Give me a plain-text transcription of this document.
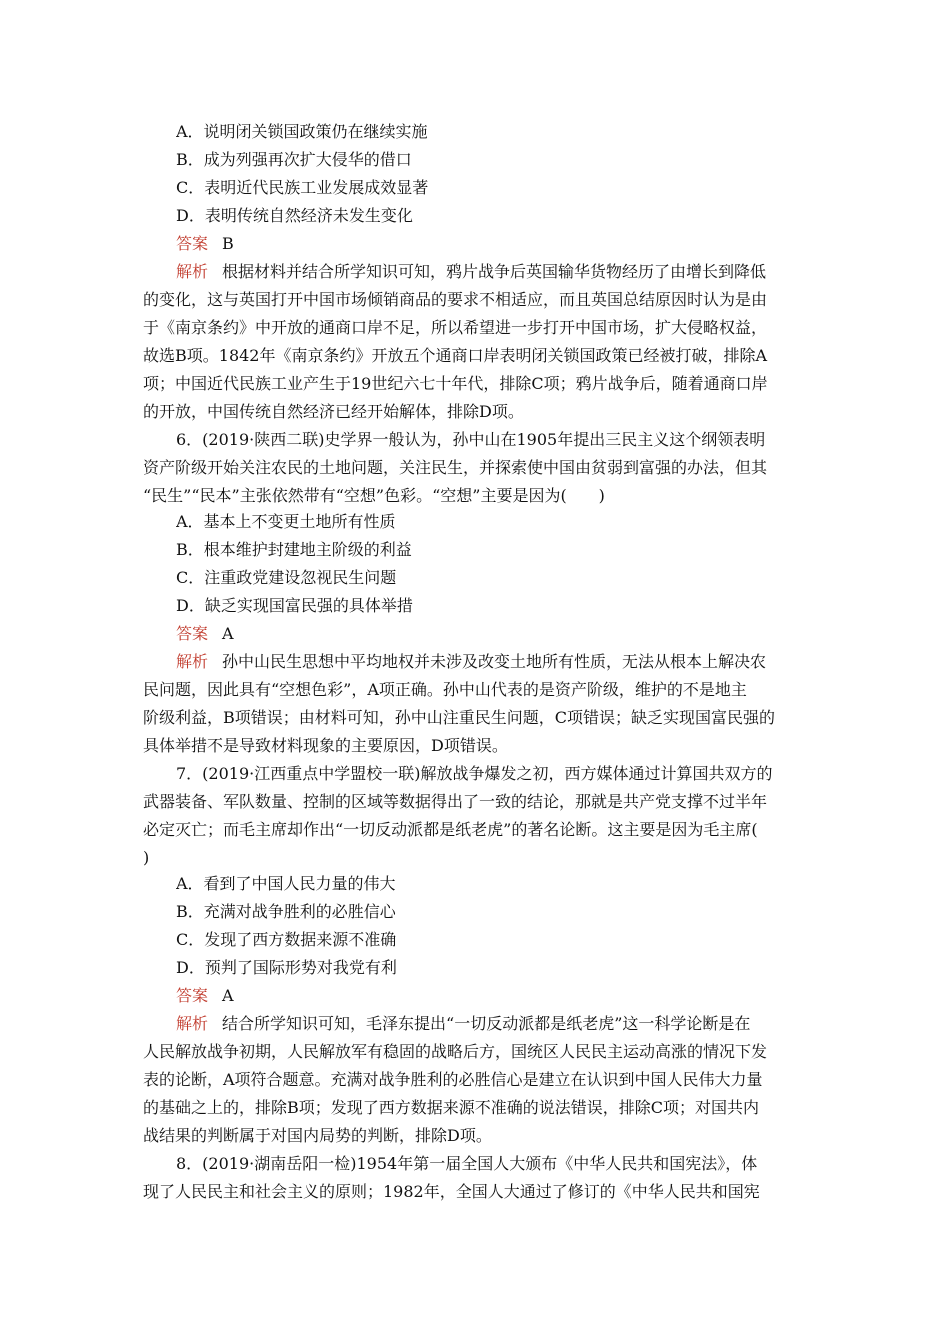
A．说明闭关锁国政策仍在继续实施
B．成为列强再次扩大侵华的借口
C．表明近代民族工业发展成效显著
D．表明传统自然经济未发生变化
答案 B
解析 根据材料并结合所学知识可知，鸦片战争后英国输华货物经历了由增长到降低
的变化，这与英国打开中国市场倾销商品的要求不相适应，而且英国总结原因时认为是由
于《南京条约》中开放的通商口岸不足，所以希望进一步打开中国市场，扩大侵略权益，
故选B项。1842年《南京条约》开放五个通商口岸表明闭关锁国政策已经被打破，排除A
项；中国近代民族工业产生于19世纪六七十年代，排除C项；鸦片战争后，随着通商口岸
的开放，中国传统自然经济已经开始解体，排除D项。
6．(2019·陕西二联)史学界一般认为，孙中山在1905年提出三民主义这个纲领表明
资产阶级开始关注农民的土地问题，关注民生，并探索使中国由贫弱到富强的办法，但其
“民生”“民本”主张依然带有“空想”色彩。“空想”主要是因为(　　)
A．基本上不变更土地所有性质
B．根本维护封建地主阶级的利益
C．注重政党建设忽视民生问题
D．缺乏实现国富民强的具体举措
答案 A
解析 孙中山民生思想中平均地权并未涉及改变土地所有性质，无法从根本上解决农
民问题，因此具有“空想色彩”，A项正确。孙中山代表的是资产阶级，维护的不是地主
阶级利益，B项错误；由材料可知，孙中山注重民生问题，C项错误；缺乏实现国富民强的
具体举措不是导致材料现象的主要原因，D项错误。
7．(2019·江西重点中学盟校一联)解放战争爆发之初，西方媒体通过计算国共双方的
武器装备、军队数量、控制的区域等数据得出了一致的结论，那就是共产党支撑不过半年
必定灭亡；而毛主席却作出“一切反动派都是纸老虎”的著名论断。这主要是因为毛主席(
)
A．看到了中国人民力量的伟大
B．充满对战争胜利的必胜信心
C．发现了西方数据来源不准确
D．预判了国际形势对我党有利
答案 A
解析 结合所学知识可知，毛泽东提出“一切反动派都是纸老虎”这一科学论断是在
人民解放战争初期，人民解放军有稳固的战略后方，国统区人民民主运动高涨的情况下发
表的论断，A项符合题意。充满对战争胜利的必胜信心是建立在认识到中国人民伟大力量
的基础之上的，排除B项；发现了西方数据来源不准确的说法错误，排除C项；对国共内
战结果的判断属于对国内局势的判断，排除D项。
8．(2019·湖南岳阳一检)1954年第一届全国人大颁布《中华人民共和国宪法》，体
现了人民民主和社会主义的原则；1982年，全国人大通过了修订的《中华人民共和国宪
